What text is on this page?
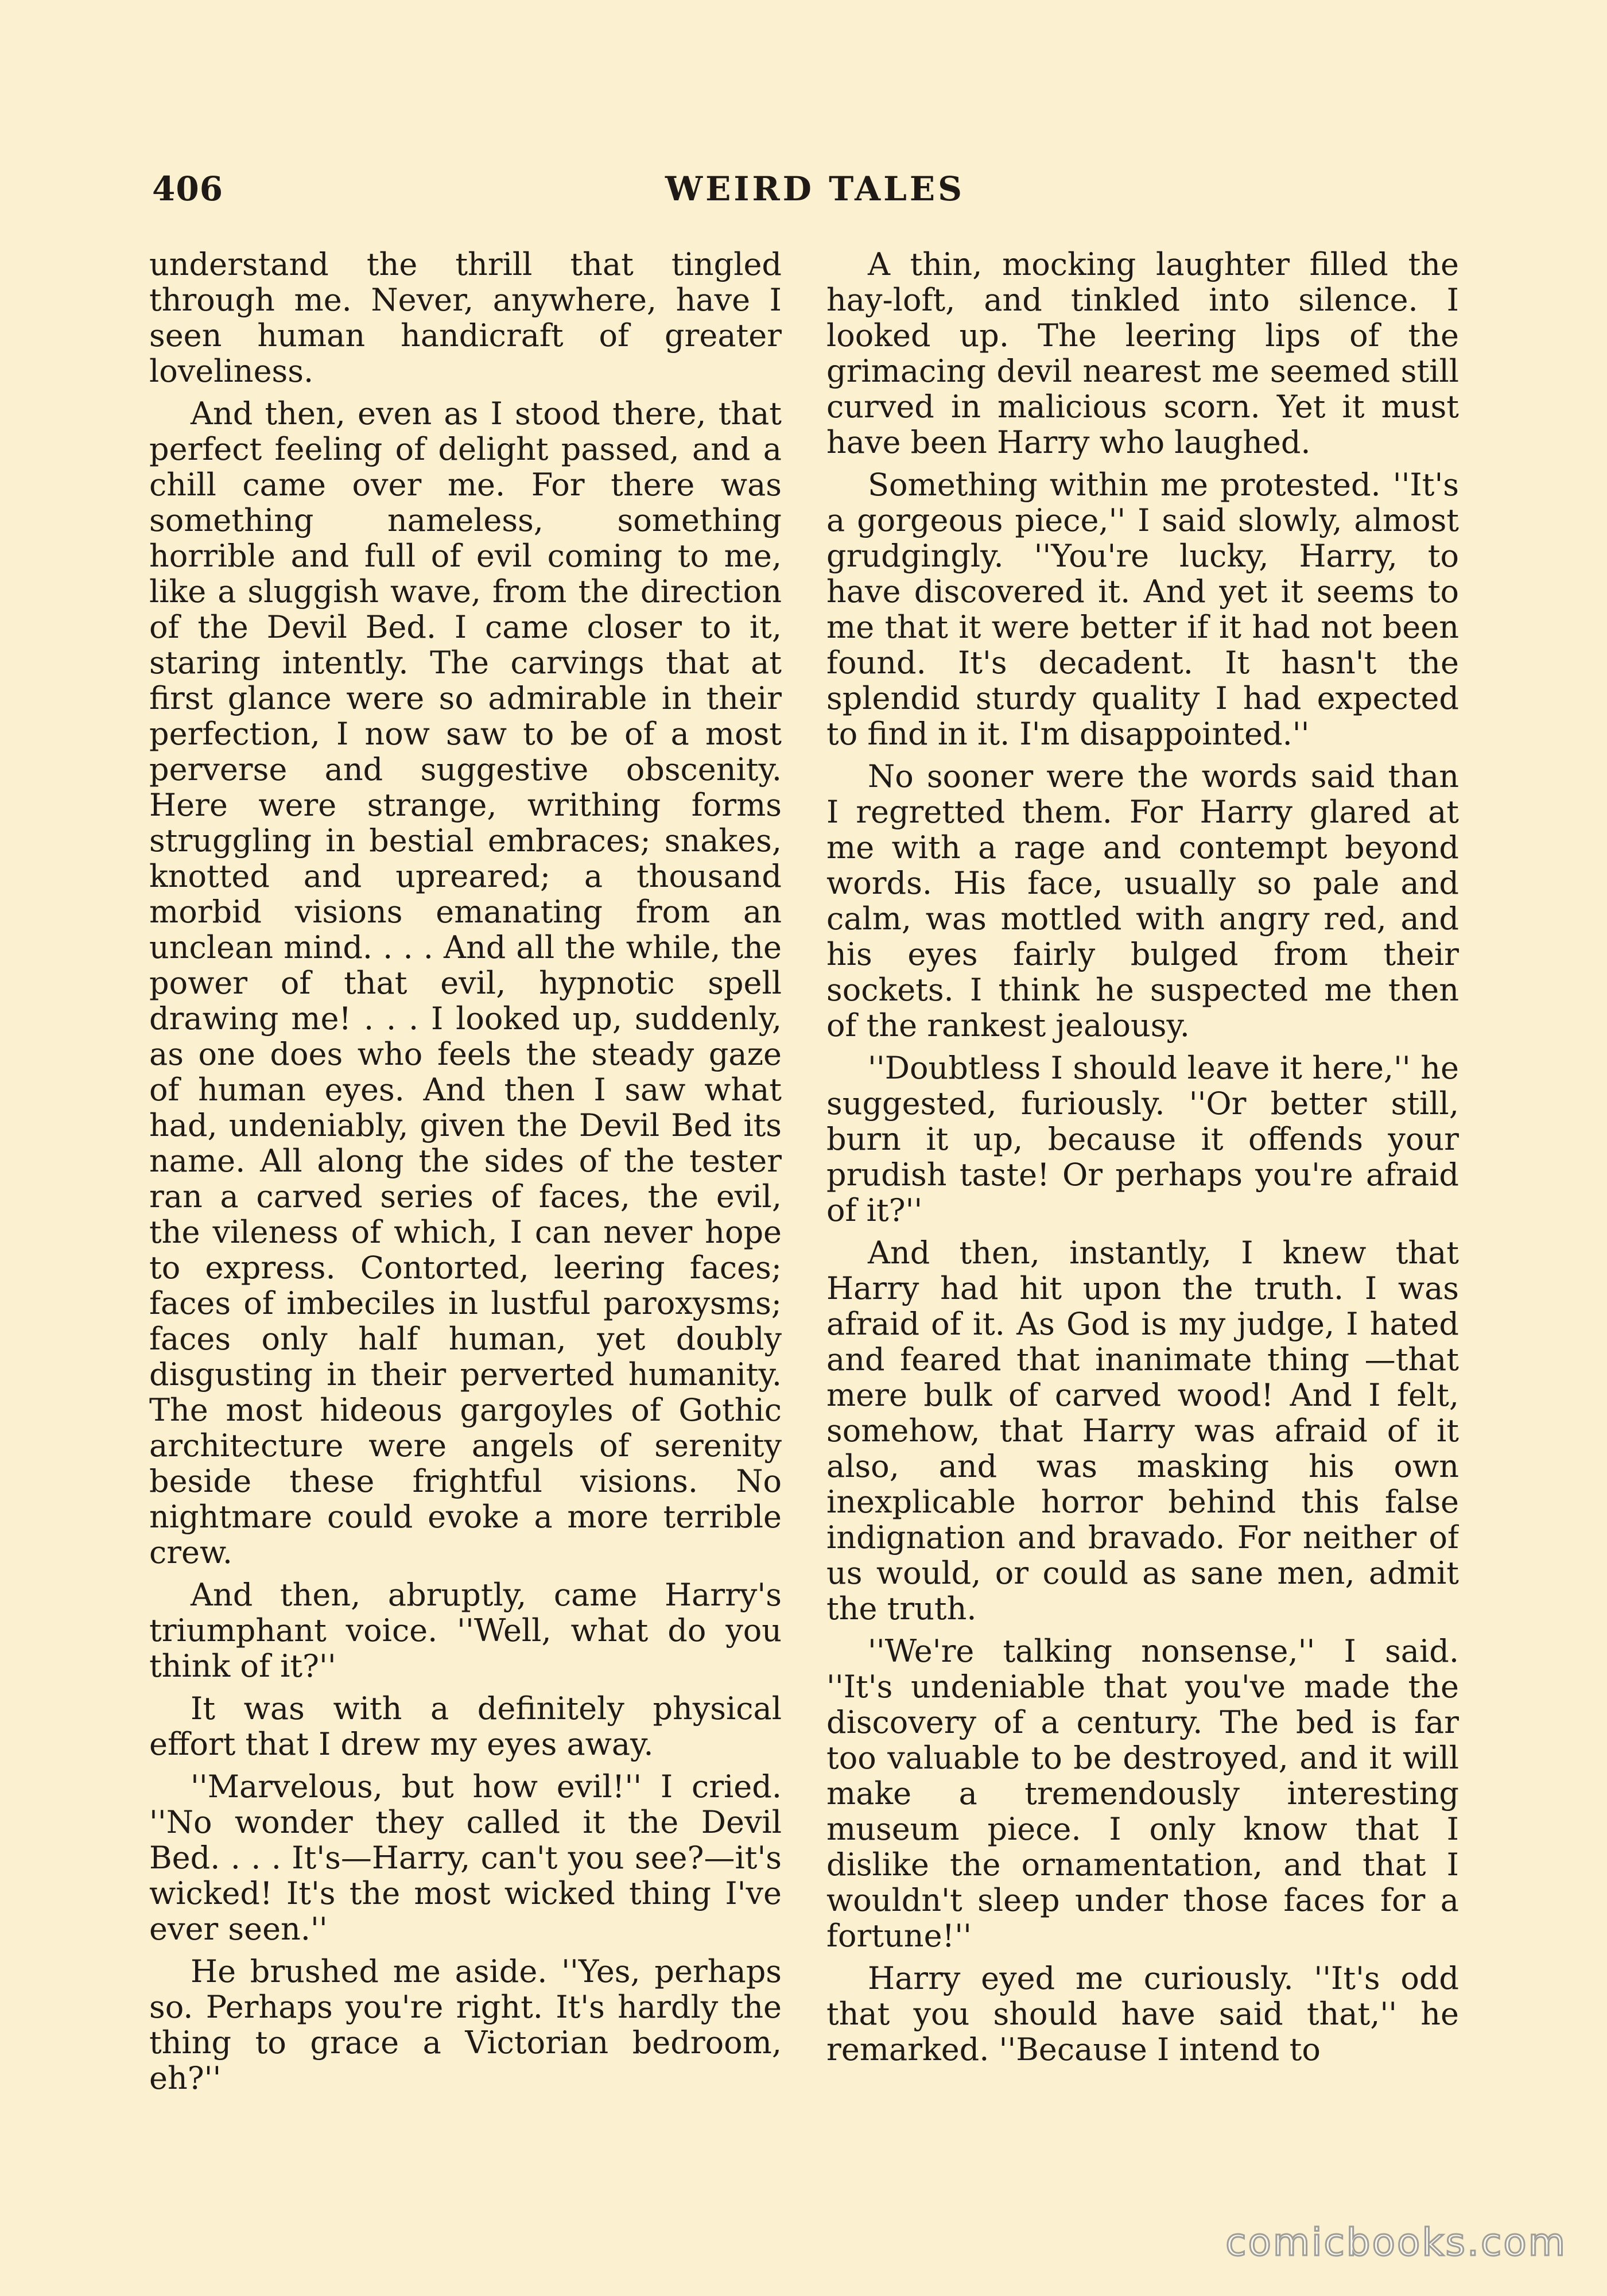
406	WEIRD TALES

understand the thrill that tingled through me. Never, anywhere, have I seen human handicraft of greater loveliness.

And then, even as I stood there, that perfect feeling of delight passed, and a chill came over me. For there was something nameless, something horrible and full of evil coming to me, like a sluggish wave, from the direction of the Devil Bed. I came closer to it, staring intently. The carvings that at first glance were so admirable in their perfection, I now saw to be of a most perverse and suggestive obscenity. Here were strange, writhing forms struggling in bestial embraces; snakes, knotted and upreared; a thousand morbid visions emanating from an unclean mind. . . . And all the while, the power of that evil, hypnotic spell drawing me! . . . I looked up, suddenly, as one does who feels the steady gaze of human eyes. And then I saw what had, undeniably, given the Devil Bed its name. All along the sides of the tester ran a carved series of faces, the evil, the vileness of which, I can never hope to express. Contorted, leering faces; faces of imbeciles in lustful paroxysms; faces only half human, yet doubly disgusting in their perverted humanity. The most hideous gargoyles of Gothic architecture were angels of serenity beside these frightful visions. No nightmare could evoke a more terrible crew.

And then, abruptly, came Harry's triumphant voice. ''Well, what do you think of it?''

It was with a definitely physical effort that I drew my eyes away.

''Marvelous, but how evil!'' I cried. ''No wonder they called it the Devil Bed. . . . It's—Harry, can't you see?—it's wicked! It's the most wicked thing I've ever seen.''

He brushed me aside. ''Yes, perhaps so. Perhaps you're right. It's hardly the thing to grace a Victorian bedroom, eh?''

A thin, mocking laughter filled the hay-loft, and tinkled into silence. I looked up. The leering lips of the grimacing devil nearest me seemed still curved in malicious scorn. Yet it must have been Harry who laughed.

Something within me protested. ''It's a gorgeous piece,'' I said slowly, almost grudgingly. ''You're lucky, Harry, to have discovered it. And yet it seems to me that it were better if it had not been found. It's decadent. It hasn't the splendid sturdy quality I had expected to find in it. I'm disappointed.''

No sooner were the words said than I regretted them. For Harry glared at me with a rage and contempt beyond words. His face, usually so pale and calm, was mottled with angry red, and his eyes fairly bulged from their sockets. I think he suspected me then of the rankest jealousy.

''Doubtless I should leave it here,'' he suggested, furiously. ''Or better still, burn it up, because it offends your prudish taste! Or perhaps you're afraid of it?''

And then, instantly, I knew that Harry had hit upon the truth. I was afraid of it. As God is my judge, I hated and feared that inanimate thing —that mere bulk of carved wood! And I felt, somehow, that Harry was afraid of it also, and was masking his own inexplicable horror behind this false indignation and bravado. For neither of us would, or could as sane men, admit the truth.

''We're talking nonsense,'' I said. ''It's undeniable that you've made the discovery of a century. The bed is far too valuable to be destroyed, and it will make a tremendously interesting museum piece. I only know that I dislike the ornamentation, and that I wouldn't sleep under those faces for a fortune!''

Harry eyed me curiously. ''It's odd that you should have said that,'' he remarked. ''Because I intend to

comicbooks.com
